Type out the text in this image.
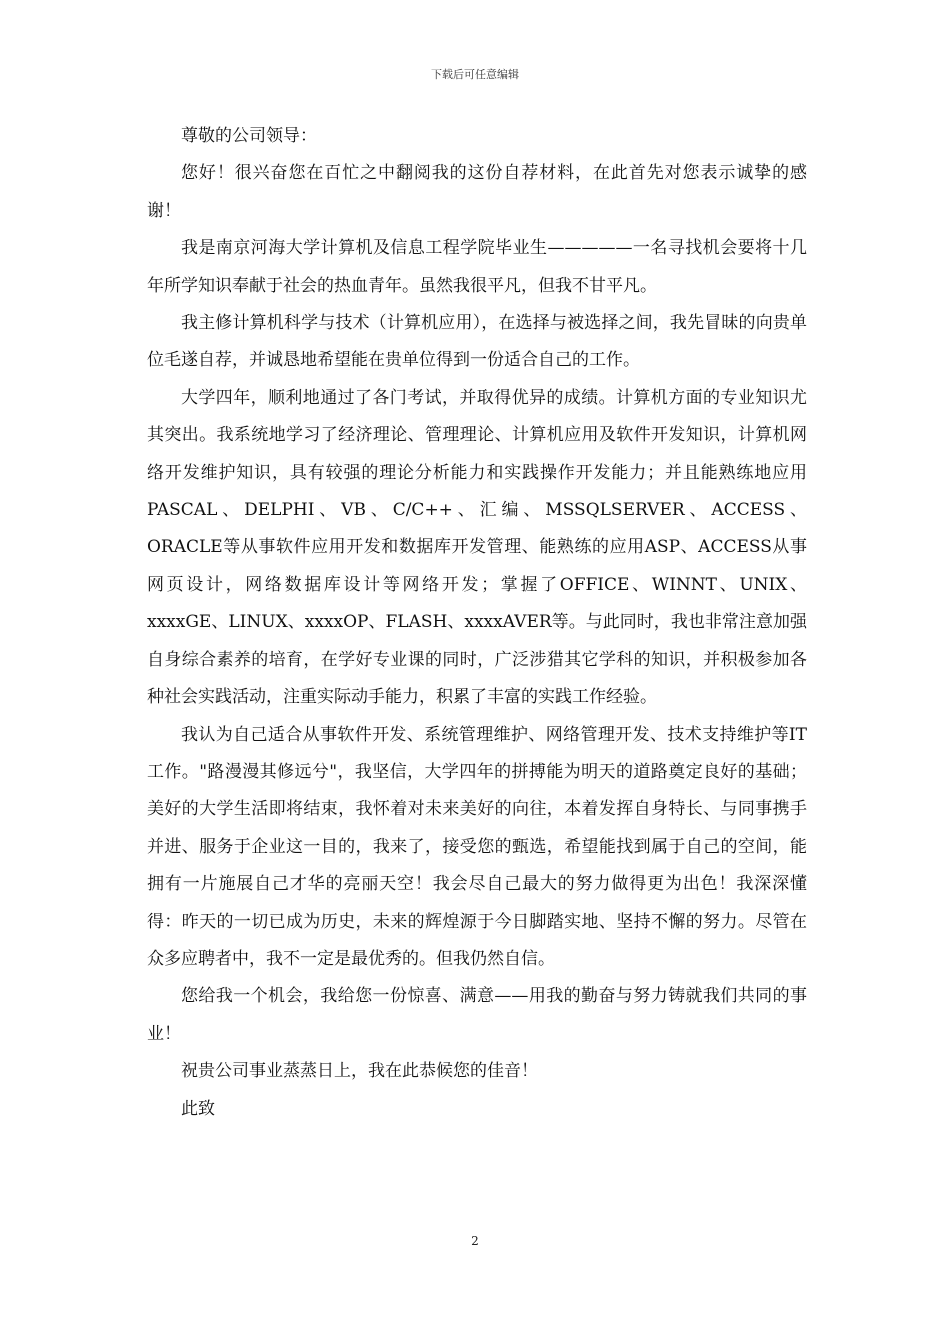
下载后可任意编辑

尊敬的公司领导：

您好！很兴奋您在百忙之中翻阅我的这份自荐材料，在此首先对您表示诚挚的感谢！

我是南京河海大学计算机及信息工程学院毕业生—————一名寻找机会要将十几年所学知识奉献于社会的热血青年。虽然我很平凡，但我不甘平凡。

我主修计算机科学与技术（计算机应用），在选择与被选择之间，我先冒昧的向贵单位毛遂自荐，并诚恳地希望能在贵单位得到一份适合自己的工作。

大学四年，顺利地通过了各门考试，并取得优异的成绩。计算机方面的专业知识尤其突出。我系统地学习了经济理论、管理理论、计算机应用及软件开发知识，计算机网络开发维护知识，具有较强的理论分析能力和实践操作开发能力；并且能熟练地应用PASCAL、DELPHI、VB、C/C++、汇编、MSSQLSERVER、ACCESS、ORACLE等从事软件应用开发和数据库开发管理、能熟练的应用ASP、ACCESS从事网页设计，网络数据库设计等网络开发；掌握了OFFICE、WINNT、UNIX、xxxxGE、LINUX、xxxxOP、FLASH、xxxxAVER等。与此同时，我也非常注意加强自身综合素养的培育，在学好专业课的同时，广泛涉猎其它学科的知识，并积极参加各种社会实践活动，注重实际动手能力，积累了丰富的实践工作经验。

我认为自己适合从事软件开发、系统管理维护、网络管理开发、技术支持维护等IT工作。"路漫漫其修远兮"，我坚信，大学四年的拼搏能为明天的道路奠定良好的基础；美好的大学生活即将结束，我怀着对未来美好的向往，本着发挥自身特长、与同事携手并进、服务于企业这一目的，我来了，接受您的甄选，希望能找到属于自己的空间，能拥有一片施展自己才华的亮丽天空！我会尽自己最大的努力做得更为出色！我深深懂得：昨天的一切已成为历史，未来的辉煌源于今日脚踏实地、坚持不懈的努力。尽管在众多应聘者中，我不一定是最优秀的。但我仍然自信。

您给我一个机会，我给您一份惊喜、满意——用我的勤奋与努力铸就我们共同的事业！

祝贵公司事业蒸蒸日上，我在此恭候您的佳音！

此致

2
